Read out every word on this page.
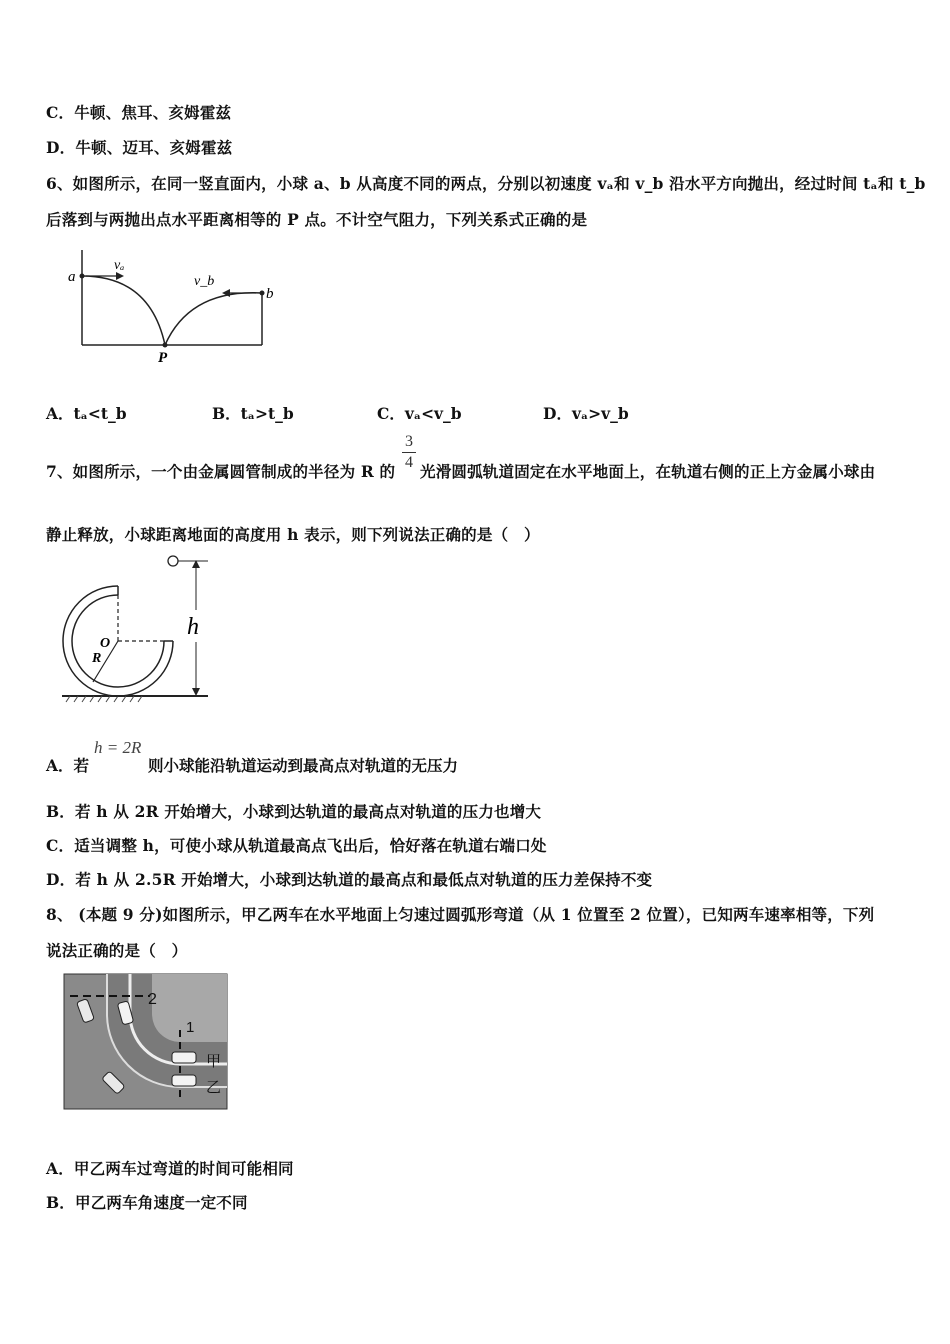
C．牛顿、焦耳、亥姆霍兹
D．牛顿、迈耳、亥姆霍兹
6、如图所示，在同一竖直面内，小球 a、b 从高度不同的两点，分别以初速度 vₐ和 v_b 沿水平方向抛出，经过时间 tₐ和 t_b
后落到与两抛出点水平距离相等的 P 点。不计空气阻力，下列关系式正确的是
a
b
vₐ
v_b
P
A．tₐ<t_b	B．tₐ>t_b	C．vₐ<v_b	D．vₐ>v_b
7、如图所示，一个由金属圆管制成的半径为 R 的
3
4 光滑圆弧轨道固定在水平地面上，在轨道右侧的正上方金属小球由
静止释放，小球距离地面的高度用 h 表示，则下列说法正确的是（　）
O
R
h
A．若
h = 2R
则小球能沿轨道运动到最高点对轨道的无压力
B．若 h 从 2R 开始增大，小球到达轨道的最高点对轨道的压力也增大
C．适当调整 h，可使小球从轨道最高点飞出后，恰好落在轨道右端口处
D．若 h 从 2.5R 开始增大，小球到达轨道的最高点和最低点对轨道的压力差保持不变
8、 (本题 9 分)如图所示，甲乙两车在水平地面上匀速过圆弧形弯道（从 1 位置至 2 位置），已知两车速率相等，下列
说法正确的是（　）
2
1
甲
乙
A．甲乙两车过弯道的时间可能相同
B．甲乙两车角速度一定不同
